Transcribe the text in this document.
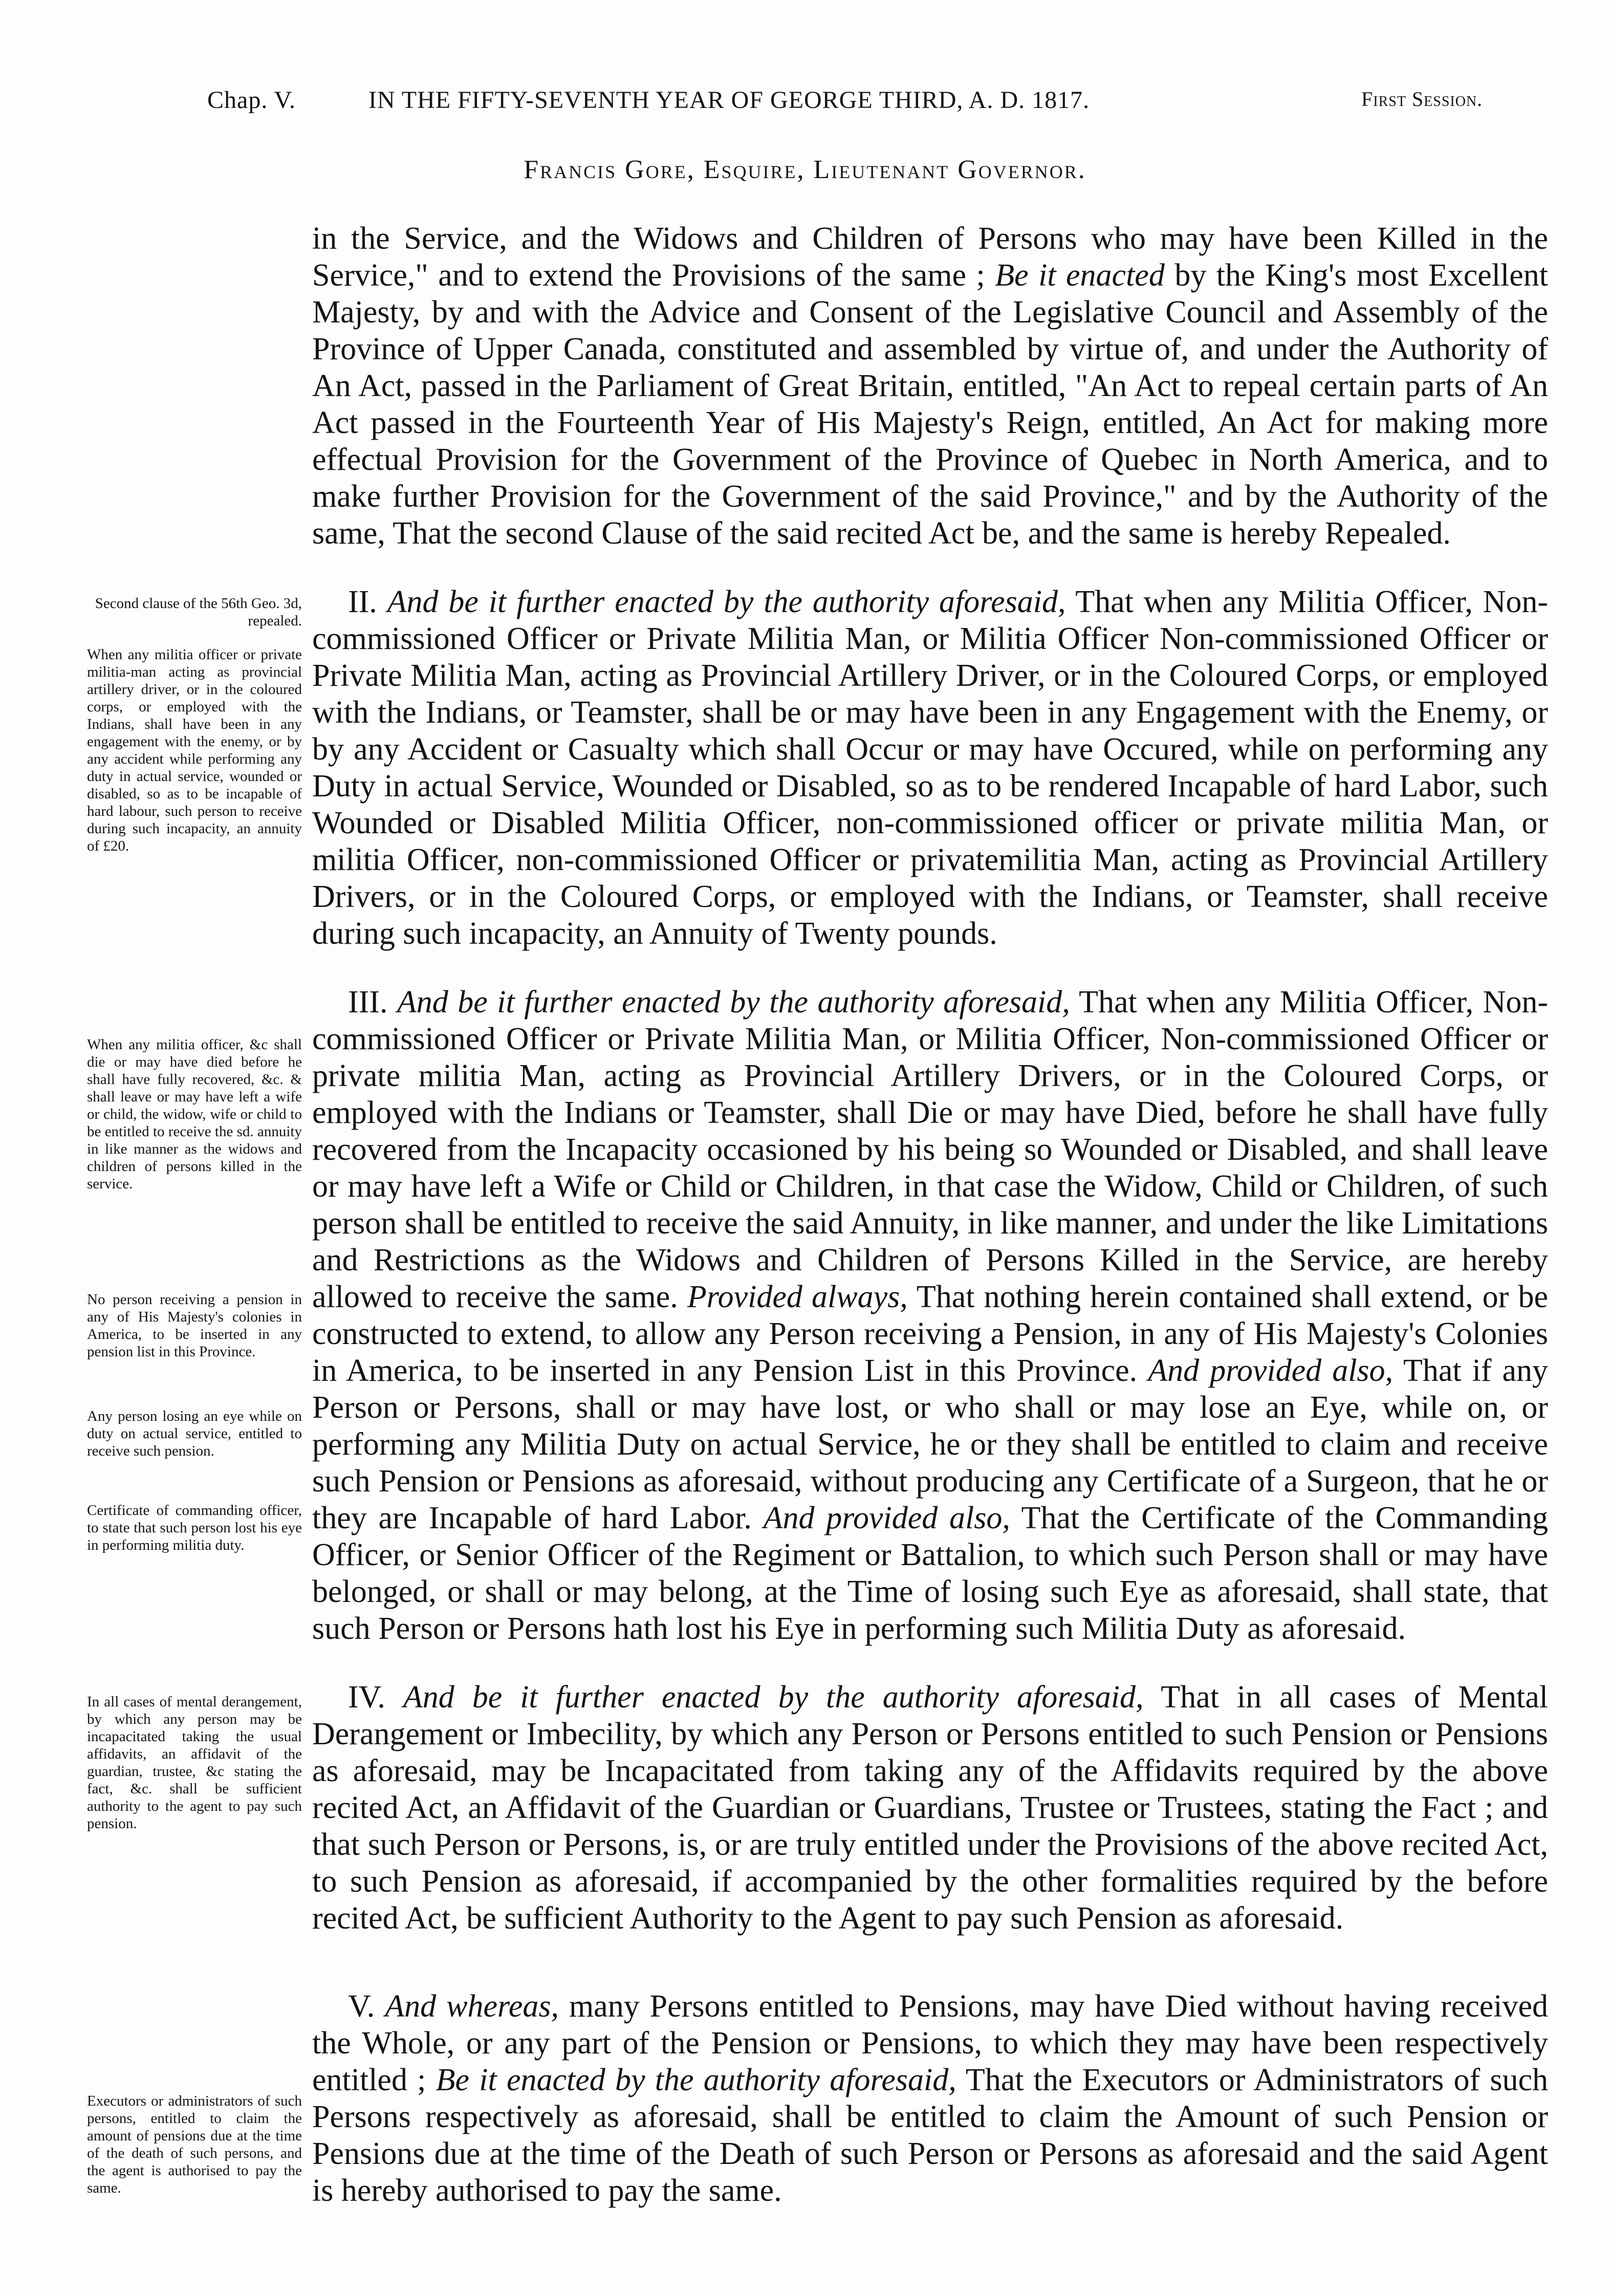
Chap. V.	IN THE FIFTY-SEVENTH YEAR OF GEORGE THIRD, A. D. 1817.	First Session.
Francis Gore, Esquire, Lieutenant Governor.

Second clause of the 56th Geo. 3d, repealed.

When any militia officer or private militia-man acting as provincial artillery driver, or in the coloured corps, or employed with the Indians, shall have been in any engagement with the enemy, or by any accident while performing any duty in actual service, wounded or disabled, so as to be incapable of hard labour, such person to receive during such incapacity, an annuity of £20.

When any militia officer, &c shall die or may have died before he shall have fully recovered, &c. & shall leave or may have left a wife or child, the widow, wife or child to be entitled to receive the sd. annuity in like manner as the widows and children of persons killed in the service.

No person receiving a pension in any of His Majesty's colonies in America, to be inserted in any pension list in this Province.

Any person losing an eye while on duty on actual service, entitled to receive such pension.

Certificate of commanding officer, to state that such person lost his eye in performing militia duty.

In all cases of mental derangement, by which any person may be incapacitated taking the usual affidavits, an affidavit of the guardian, trustee, &c stating the fact, &c. shall be sufficient authority to the agent to pay such pension.

Executors or administrators of such persons, entitled to claim the amount of pensions due at the time of the death of such persons, and the agent is authorised to pay the same.

in the Service, and the Widows and Children of Persons who may have been Killed in the Service," and to extend the Provisions of the same ; Be it enacted by the King's most Excellent Majesty, by and with the Advice and Consent of the Legislative Council and Assembly of the Province of Upper Canada, constituted and assembled by virtue of, and under the Authority of An Act, passed in the Parliament of Great Britain, entitled, "An Act to repeal certain parts of An Act passed in the Fourteenth Year of His Majesty's Reign, entitled, An Act for making more effectual Provision for the Government of the Province of Quebec in North America, and to make further Provision for the Government of the said Province," and by the Authority of the same, That the second Clause of the said recited Act be, and the same is hereby Repealed.

II. And be it further enacted by the authority aforesaid, That when any Militia Officer, Non-commissioned Officer or Private Militia Man, or Militia Officer Non-commissioned Officer or Private Militia Man, acting as Provincial Artillery Driver, or in the Coloured Corps, or employed with the Indians, or Teamster, shall be or may have been in any Engagement with the Enemy, or by any Accident or Casualty which shall Occur or may have Occured, while on performing any Duty in actual Service, Wounded or Disabled, so as to be rendered Incapable of hard Labor, such Wounded or Disabled Militia Officer, non-commissioned officer or private militia Man, or militia Officer, non-commissioned Officer or privatemilitia Man, acting as Provincial Artillery Drivers, or in the Coloured Corps, or employed with the Indians, or Teamster, shall receive during such incapacity, an Annuity of Twenty pounds.

III. And be it further enacted by the authority aforesaid, That when any Militia Officer, Non-commissioned Officer or Private Militia Man, or Militia Officer, Non-commissioned Officer or private militia Man, acting as Provincial Artillery Drivers, or in the Coloured Corps, or employed with the Indians or Teamster, shall Die or may have Died, before he shall have fully recovered from the Incapacity occasioned by his being so Wounded or Disabled, and shall leave or may have left a Wife or Child or Children, in that case the Widow, Child or Children, of such person shall be entitled to receive the said Annuity, in like manner, and under the like Limitations and Restrictions as the Widows and Children of Persons Killed in the Service, are hereby allowed to receive the same. Provided always, That nothing herein contained shall extend, or be constructed to extend, to allow any Person receiving a Pension, in any of His Majesty's Colonies in America, to be inserted in any Pension List in this Province. And provided also, That if any Person or Persons, shall or may have lost, or who shall or may lose an Eye, while on, or performing any Militia Duty on actual Service, he or they shall be entitled to claim and receive such Pension or Pensions as aforesaid, without producing any Certificate of a Surgeon, that he or they are Incapable of hard Labor. And provided also, That the Certificate of the Commanding Officer, or Senior Officer of the Regiment or Battalion, to which such Person shall or may have belonged, or shall or may belong, at the Time of losing such Eye as aforesaid, shall state, that such Person or Persons hath lost his Eye in performing such Militia Duty as aforesaid.

IV. And be it further enacted by the authority aforesaid, That in all cases of Mental Derangement or Imbecility, by which any Person or Persons entitled to such Pension or Pensions as aforesaid, may be Incapacitated from taking any of the Affidavits required by the above recited Act, an Affidavit of the Guardian or Guardians, Trustee or Trustees, stating the Fact ; and that such Person or Persons, is, or are truly entitled under the Provisions of the above recited Act, to such Pension as aforesaid, if accompanied by the other formalities required by the before recited Act, be sufficient Authority to the Agent to pay such Pension as aforesaid.

V. And whereas, many Persons entitled to Pensions, may have Died without having received the Whole, or any part of the Pension or Pensions, to which they may have been respectively entitled ; Be it enacted by the authority aforesaid, That the Executors or Administrators of such Persons respectively as aforesaid, shall be entitled to claim the Amount of such Pension or Pensions due at the time of the Death of such Person or Persons as aforesaid and the said Agent is hereby authorised to pay the same.
